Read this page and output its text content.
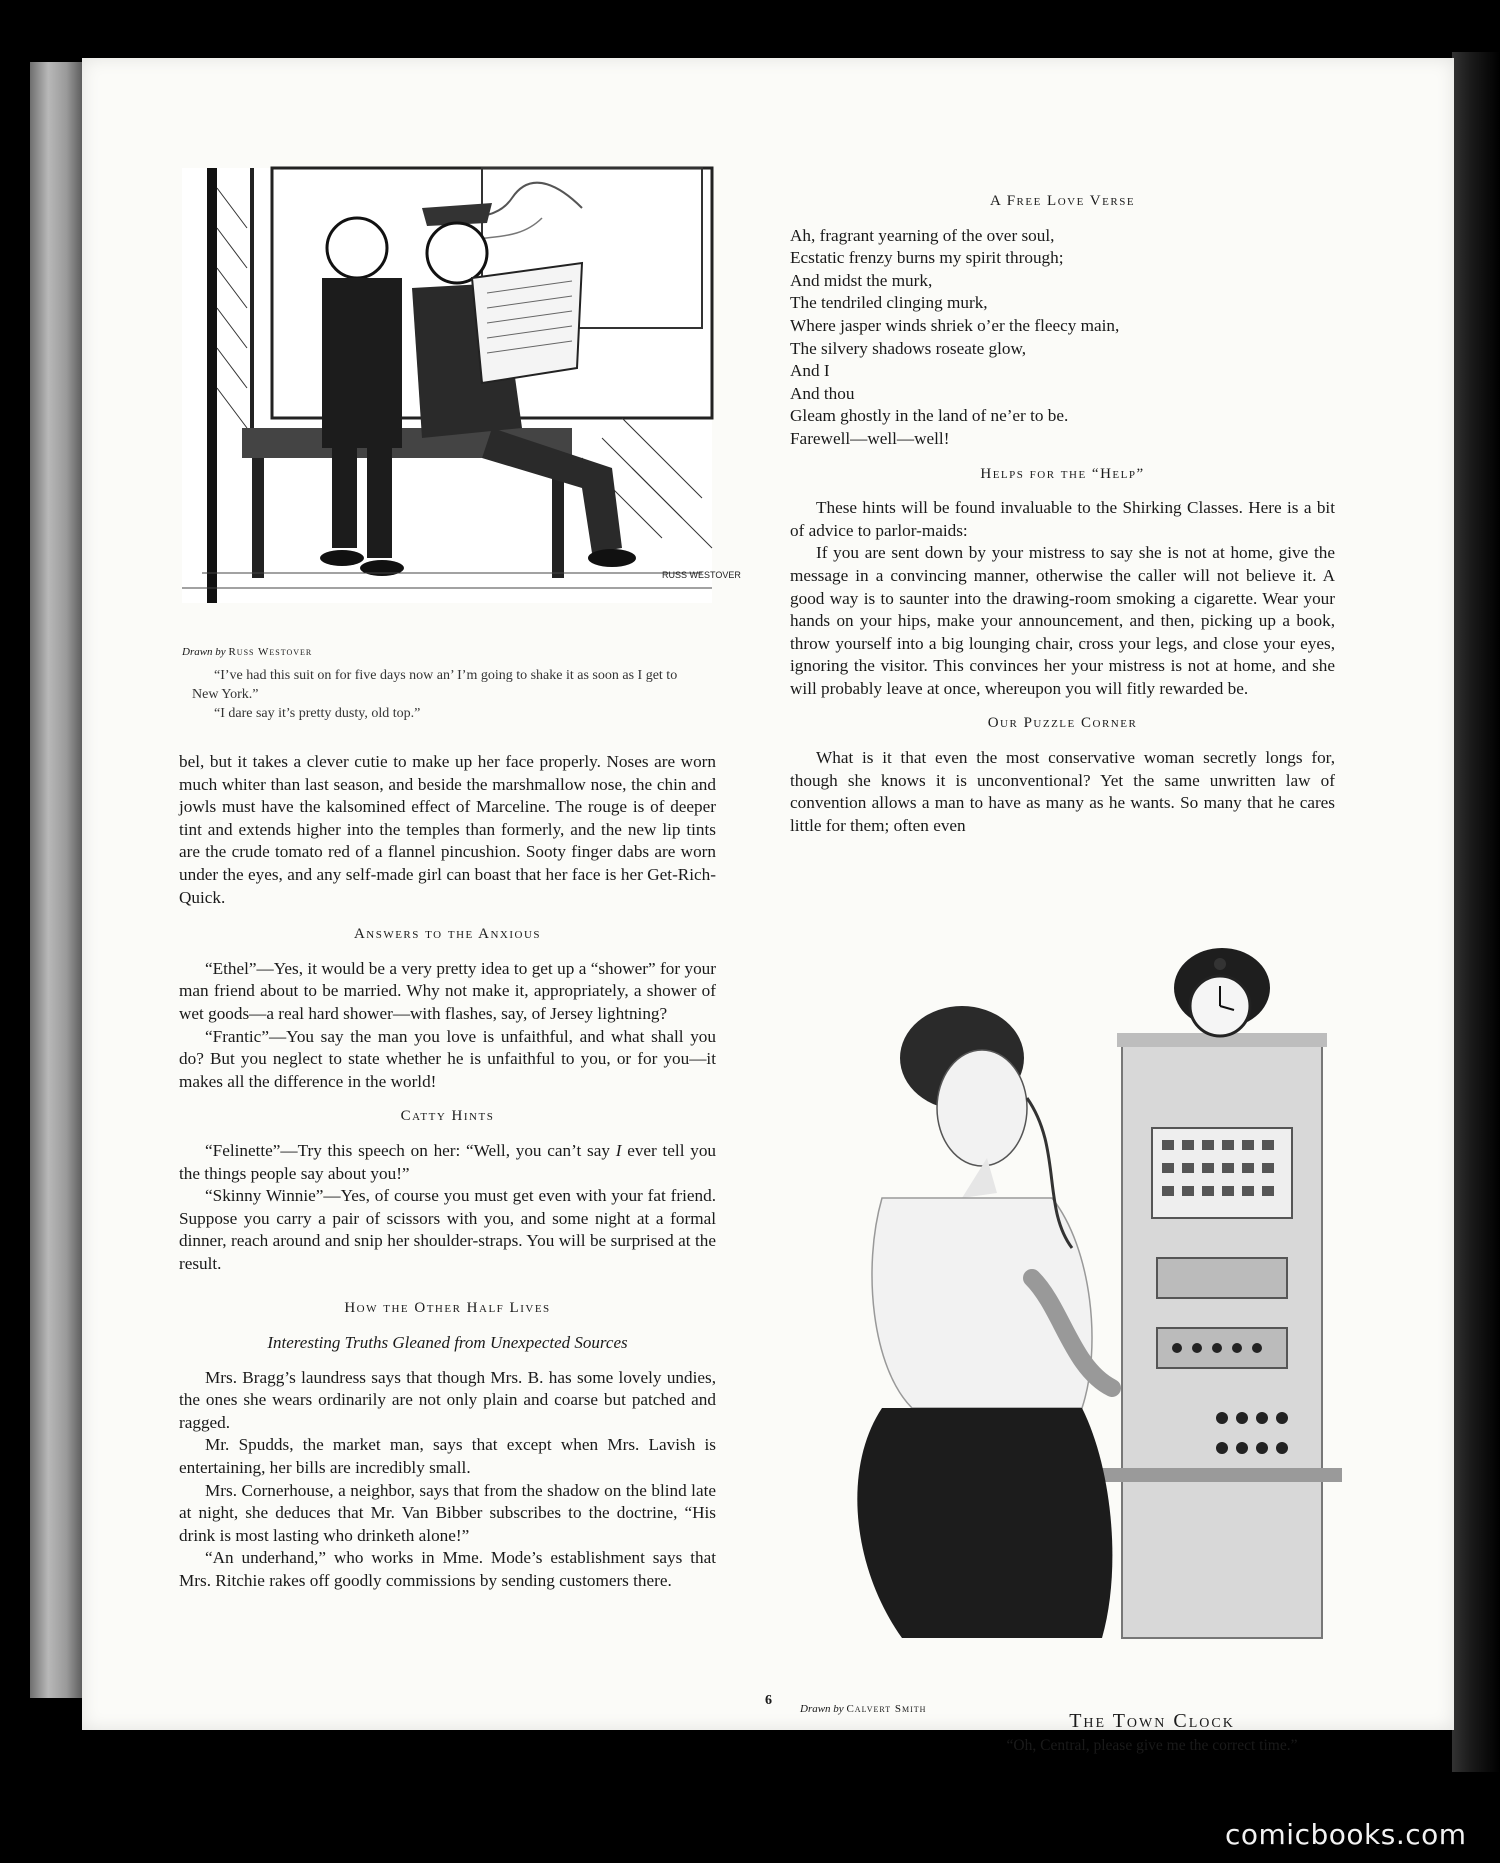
RUSS WESTOVER
Drawn by Russ Westover

“I’ve had this suit on for five days now an’ I’m going to shake it as soon as I get to New York.”

“I dare say it’s pretty dusty, old top.”

bel, but it takes a clever cutie to make up her face properly. Noses are worn much whiter than last season, and beside the marshmallow nose, the chin and jowls must have the kalsomined effect of Marceline. The rouge is of deeper tint and extends higher into the temples than formerly, and the new lip tints are the crude tomato red of a flannel pincushion. Sooty finger dabs are worn under the eyes, and any self-made girl can boast that her face is her Get-Rich-Quick.

Answers to the Anxious

“Ethel”—Yes, it would be a very pretty idea to get up a “shower” for your man friend about to be married. Why not make it, appropriately, a shower of wet goods—a real hard shower—with flashes, say, of Jersey lightning?

“Frantic”—You say the man you love is unfaithful, and what shall you do? But you neglect to state whether he is unfaithful to you, or for you—it makes all the difference in the world!

Catty Hints

“Felinette”—Try this speech on her: “Well, you can’t say I ever tell you the things people say about you!”

“Skinny Winnie”—Yes, of course you must get even with your fat friend. Suppose you carry a pair of scissors with you, and some night at a formal dinner, reach around and snip her shoulder-straps. You will be surprised at the result.

How the Other Half Lives
Interesting Truths Gleaned from Unexpected Sources

Mrs. Bragg’s laundress says that though Mrs. B. has some lovely undies, the ones she wears ordinarily are not only plain and coarse but patched and ragged.

Mr. Spudds, the market man, says that except when Mrs. Lavish is entertaining, her bills are incredibly small.

Mrs. Cornerhouse, a neighbor, says that from the shadow on the blind late at night, she deduces that Mr. Van Bibber subscribes to the doctrine, “His drink is most lasting who drinketh alone!”

“An underhand,” who works in Mme. Mode’s establishment says that Mrs. Ritchie rakes off goodly commissions by sending customers there.

A Free Love Verse

Ah, fragrant yearning of the over soul,

Ecstatic frenzy burns my spirit through;

And midst the murk,

The tendriled clinging murk,

Where jasper winds shriek o’er the fleecy main,

The silvery shadows roseate glow,

And I

And thou

Gleam ghostly in the land of ne’er to be.

Farewell—well—well!

Helps for the “Help”

These hints will be found invaluable to the Shirking Classes. Here is a bit of advice to parlor-maids:

If you are sent down by your mistress to say she is not at home, give the message in a convincing manner, otherwise the caller will not believe it. A good way is to saunter into the drawing-room smoking a cigarette. Wear your hands on your hips, make your announcement, and then, picking up a book, throw yourself into a big lounging chair, cross your legs, and close your eyes, ignoring the visitor. This convinces her your mistress is not at home, and she will probably leave at once, whereupon you will fitly rewarded be.

Our Puzzle Corner

What is it that even the most conservative woman secretly longs for, though she knows it is unconventional? Yet the same unwritten law of convention allows a man to have as many as he wants. So many that he cares little for them; often even

Drawn by Calvert Smith
The Town Clock
“Oh, Central, please give me the correct time.”
6
comicbooks.com
